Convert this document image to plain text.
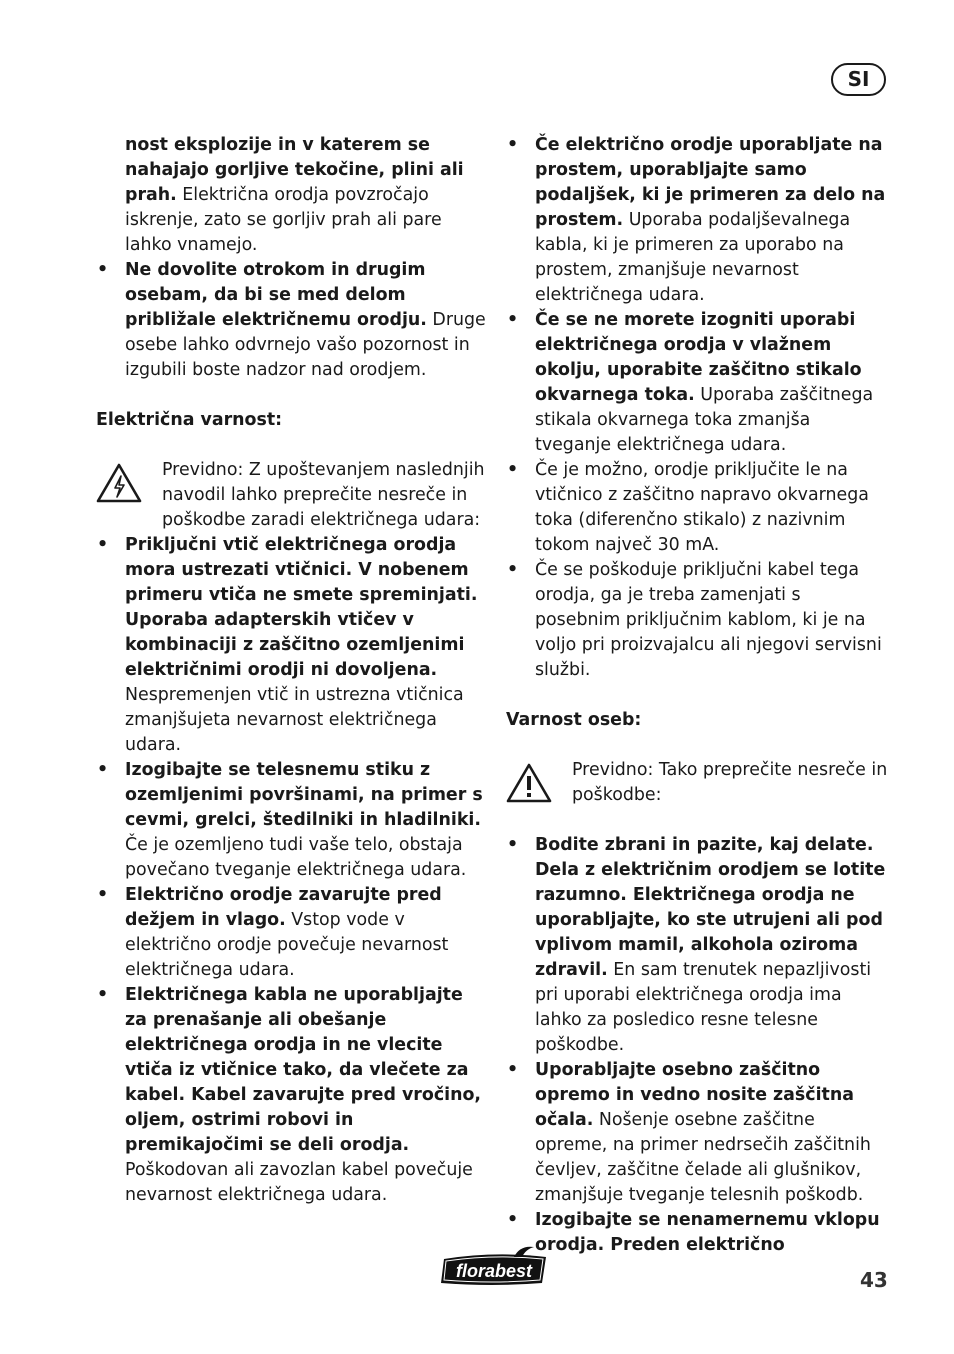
SI
nost eksplozije in v katerem se nahajajo gorljive tekočine, plini ali prah. Električna orodja povzročajo iskrenje, zato se gorljiv prah ali pare lahko vnamejo.
• Ne dovolite otrokom in drugim osebam, da bi se med delom približale električnemu orodju. Druge osebe lahko odvrnejo vašo pozornost in izgubili boste nadzor nad orodjem.
Električna varnost:
Previdno: Z upoštevanjem naslednjih navodil lahko preprečite nesreče in poškodbe zaradi električnega udara:
• Priključni vtič električnega orodja mora ustrezati vtičnici. V nobenem primeru vtiča ne smete spreminjati. Uporaba adapterskih vtičev v kombinaciji z zaščitno ozemljenimi električnimi orodji ni dovoljena. Nespremenjen vtič in ustrezna vtičnica zmanjšujeta nevarnost električnega udara.
• Izogibajte se telesnemu stiku z ozemljenimi površinami, na primer s cevmi, grelci, štedilniki in hladilniki. Če je ozemljeno tudi vaše telo, obstaja povečano tveganje električnega udara.
• Električno orodje zavarujte pred dežjem in vlago. Vstop vode v električno orodje povečuje nevarnost električnega udara.
• Električnega kabla ne uporabljajte za prenašanje ali obešanje električnega orodja in ne vlecite vtiča iz vtičnice tako, da vlečete za kabel. Kabel zavarujte pred vročino, oljem, ostrimi robovi in premikajočimi se deli orodja. Poškodovan ali zavozlan kabel povečuje nevarnost električnega udara.
• Če električno orodje uporabljate na prostem, uporabljajte samo podaljšek, ki je primeren za delo na prostem. Uporaba podaljševalnega kabla, ki je primeren za uporabo na prostem, zmanjšuje nevarnost električnega udara.
• Če se ne morete izogniti uporabi električnega orodja v vlažnem okolju, uporabite zaščitno stikalo okvarnega toka. Uporaba zaščitnega stikala okvarnega toka zmanjša tveganje električnega udara.
• Če je možno, orodje priključite le na vtičnico z zaščitno napravo okvarnega toka (diferenčno stikalo) z nazivnim tokom največ 30 mA.
• Če se poškoduje priključni kabel tega orodja, ga je treba zamenjati s posebnim priključnim kablom, ki je na voljo pri proizvajalcu ali njegovi servisni službi.
Varnost oseb:
Previdno: Tako preprečite nesreče in poškodbe:
• Bodite zbrani in pazite, kaj delate. Dela z električnim orodjem se lotite razumno. Električnega orodja ne uporabljajte, ko ste utrujeni ali pod vplivom mamil, alkohola oziroma zdravil. En sam trenutek nepazljivosti pri uporabi električnega orodja ima lahko za posledico resne telesne poškodbe.
• Uporabljajte osebno zaščitno opremo in vedno nosite zaščitna očala. Nošenje osebne zaščitne opreme, na primer nedrsečih zaščitnih čevljev, zaščitne čelade ali glušnikov, zmanjšuje tveganje telesnih poškodb.
• Izogibajte se nenamernemu vklopu orodja. Preden električno
florabest	43
